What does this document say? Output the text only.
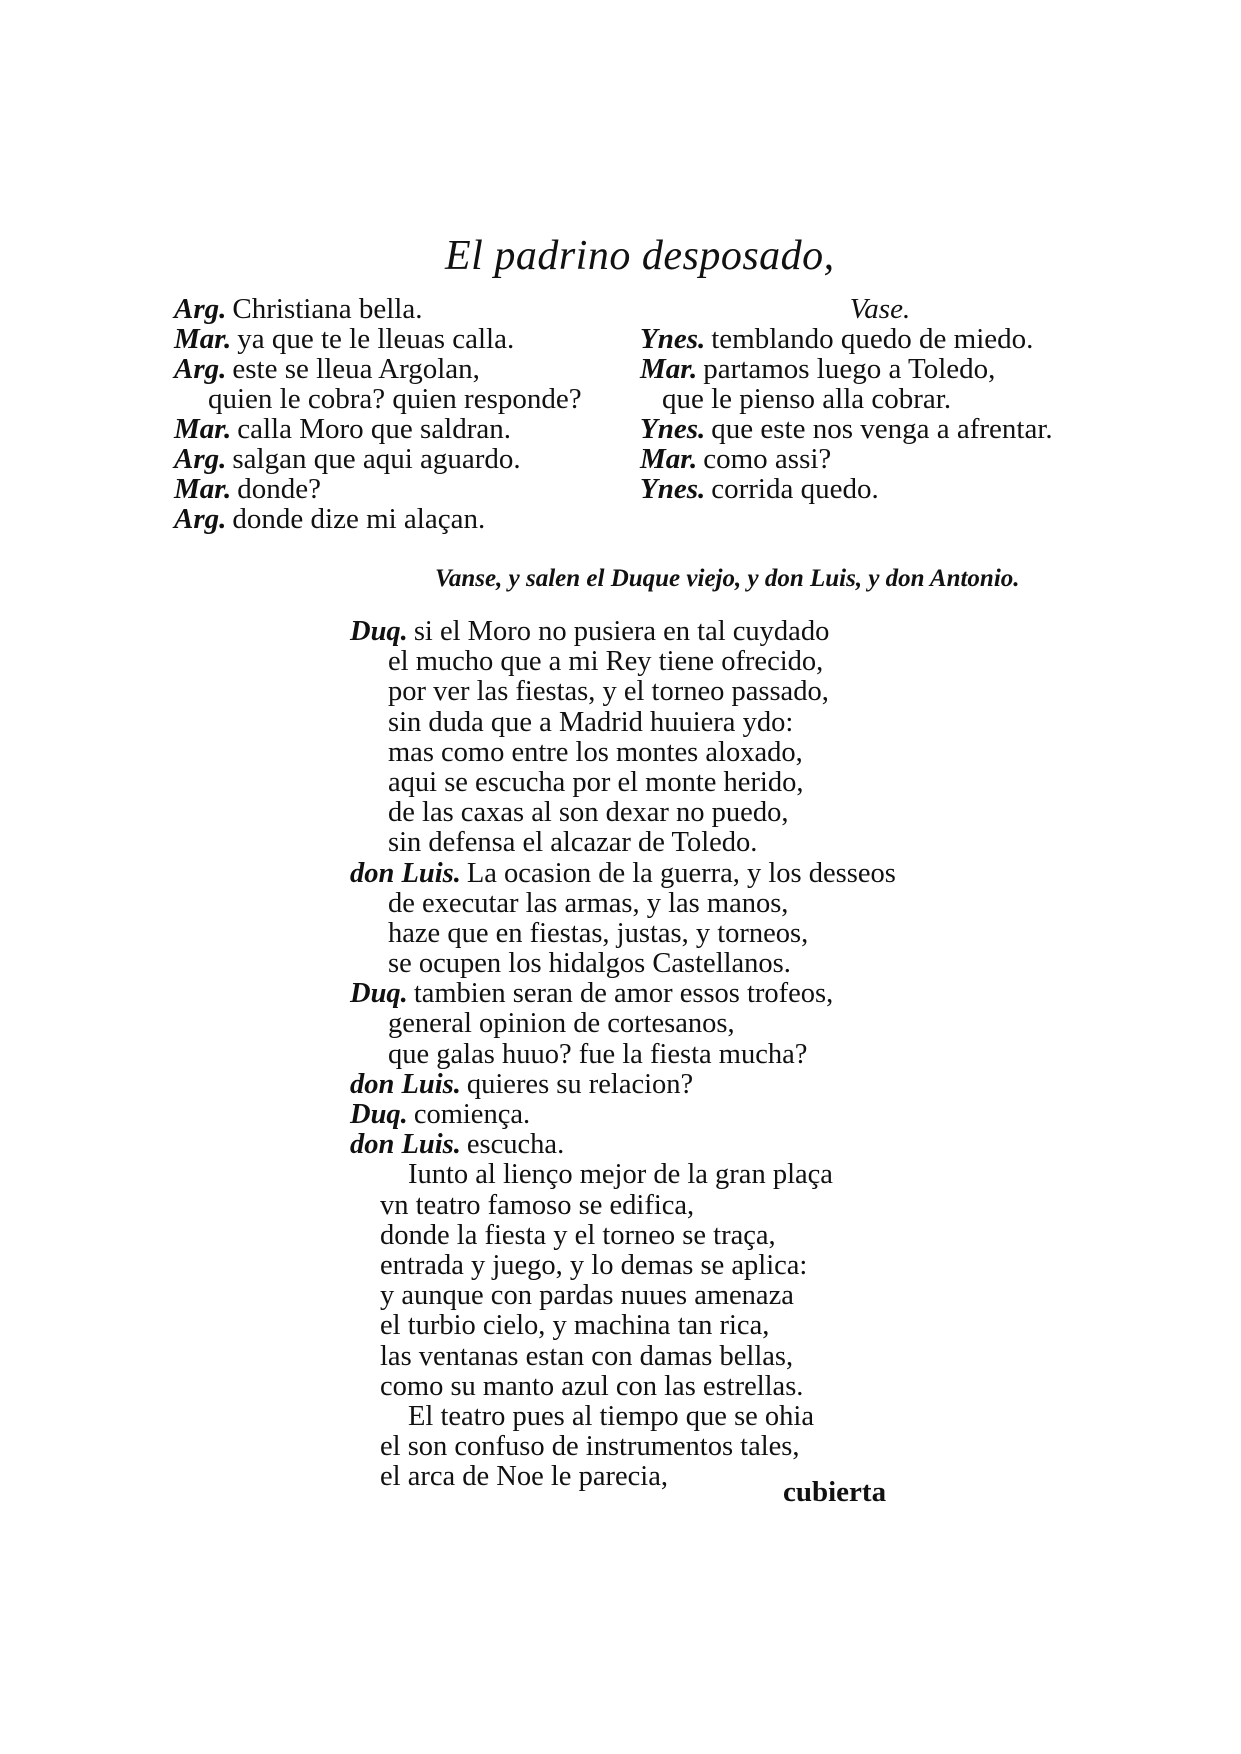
El padrino desposado,
Arg. Christiana bella.
Mar. ya que te le lleuas calla.
Arg. este se lleua Argolan,
quien le cobra? quien responde?
Mar. calla Moro que saldran.
Arg. salgan que aqui aguardo.
Mar. donde?
Arg. donde dize mi alaçan.
Vase.
Ynes. temblando quedo de miedo.
Mar. partamos luego a Toledo,
que le pienso alla cobrar.
Ynes. que este nos venga a afrentar.
Mar. como assi?
Ynes. corrida quedo.
Vanse, y salen el Duque viejo, y don Luis, y don Antonio.
Duq. si el Moro no pusiera en tal cuydado
el mucho que a mi Rey tiene ofrecido,
por ver las fiestas, y el torneo passado,
sin duda que a Madrid huuiera ydo:
mas como entre los montes aloxado,
aqui se escucha por el monte herido,
de las caxas al son dexar no puedo,
sin defensa el alcazar de Toledo.
don Luis. La ocasion de la guerra, y los desseos
de executar las armas, y las manos,
haze que en fiestas, justas, y torneos,
se ocupen los hidalgos Castellanos.
Duq. tambien seran de amor essos trofeos,
general opinion de cortesanos,
que galas huuo? fue la fiesta mucha?
don Luis. quieres su relacion?
Duq. comiença.
don Luis. escucha.
Iunto al lienço mejor de la gran plaça
vn teatro famoso se edifica,
donde la fiesta y el torneo se traça,
entrada y juego, y lo demas se aplica:
y aunque con pardas nuues amenaza
el turbio cielo, y machina tan rica,
las ventanas estan con damas bellas,
como su manto azul con las estrellas.
El teatro pues al tiempo que se ohia
el son confuso de instrumentos tales,
el arca de Noe le parecia,	cubierta
